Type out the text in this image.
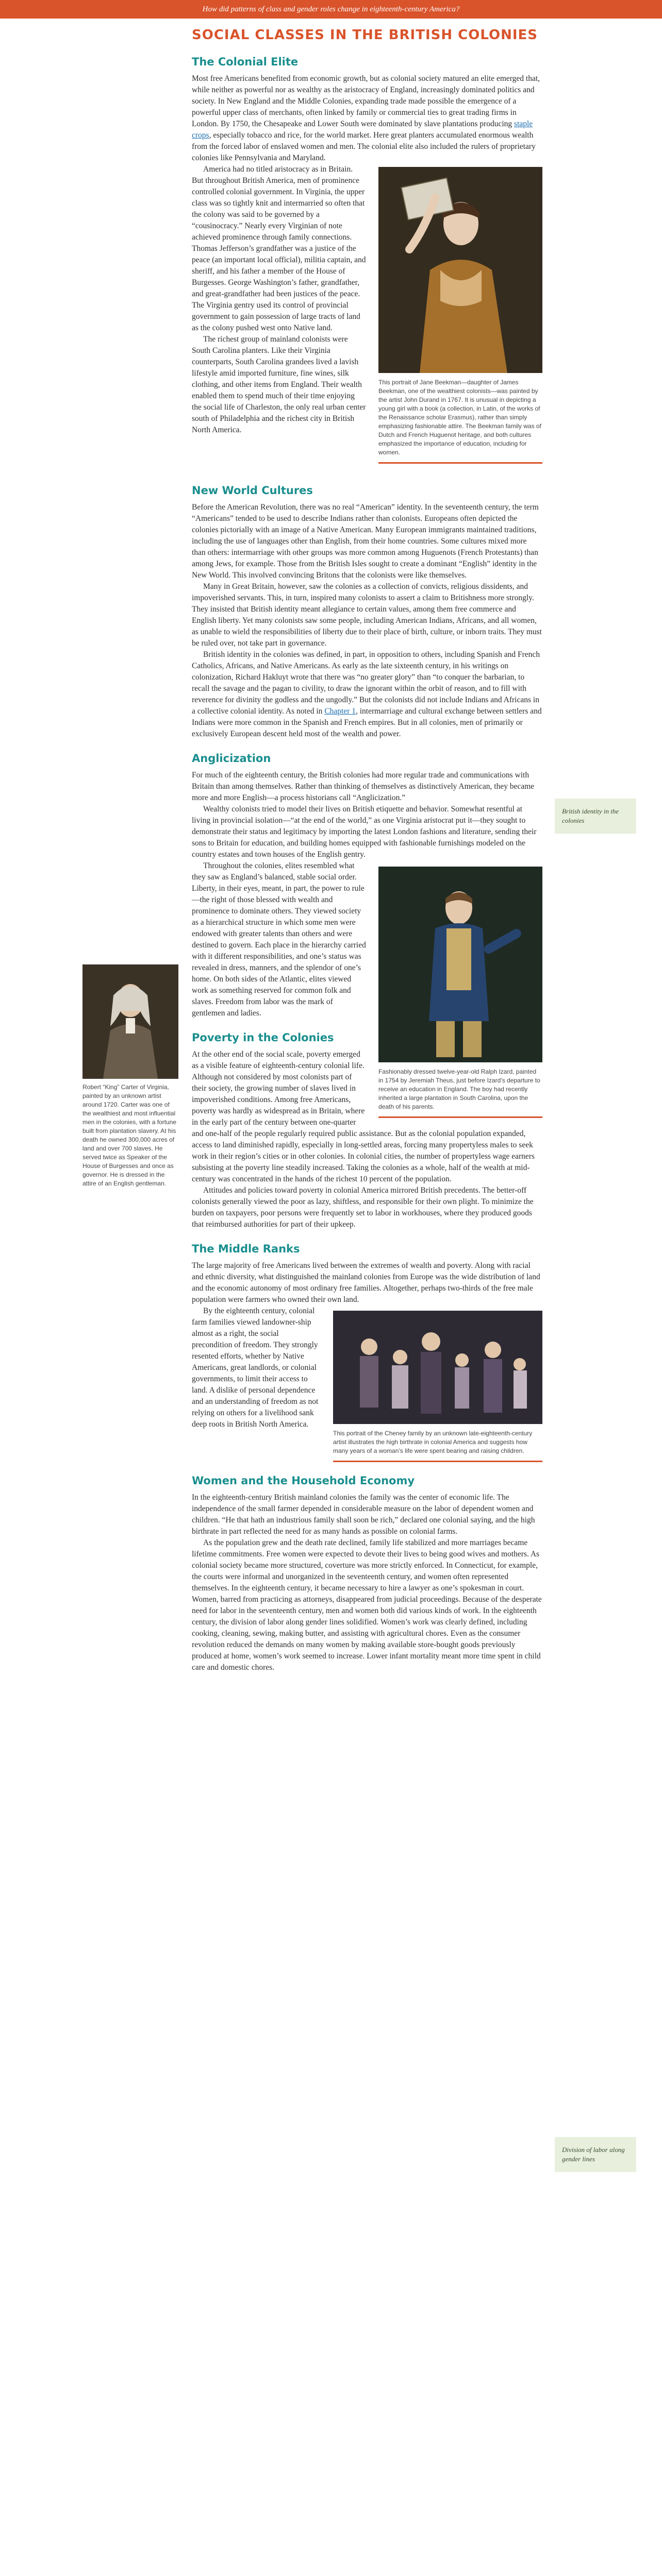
How did patterns of class and gender roles change in eighteenth-century America?
SOCIAL CLASSES IN THE BRITISH COLONIES
The Colonial Elite

Most free Americans benefited from economic growth, but as colonial society matured an elite emerged that, while neither as powerful nor as wealthy as the aristocracy of England, increasingly dominated politics and society. In New England and the Middle Colonies, expanding trade made possible the emergence of a powerful upper class of merchants, often linked by family or commercial ties to great trading firms in London. By 1750, the Chesapeake and Lower South were dominated by slave plantations producing staple crops, especially tobacco and rice, for the world market. Here great planters accumulated enormous wealth from the forced labor of enslaved women and men. The colonial elite also included the rulers of proprietary colonies like Pennsylvania and Maryland.

This portrait of Jane Beekman—daughter of James Beekman, one of the wealthiest colonists—was painted by the artist John Durand in 1767. It is unusual in depicting a young girl with a book (a collection, in Latin, of the works of the Renaissance scholar Erasmus), rather than simply emphasizing fashionable attire. The Beekman family was of Dutch and French Huguenot heritage, and both cultures emphasized the importance of education, including for women.

America had no titled aristocracy as in Britain. But throughout British America, men of prominence controlled colonial government. In Virginia, the upper class was so tightly knit and intermarried so often that the colony was said to be governed by a “cousinocracy.” Nearly every Virginian of note achieved prominence through family connections. Thomas Jefferson’s grandfather was a justice of the peace (an important local official), militia captain, and sheriff, and his father a member of the House of Burgesses. George Washington’s father, grandfather, and great-grandfather had been justices of the peace. The Virginia gentry used its control of provincial government to gain possession of large tracts of land as the colony pushed west onto Native land.

The richest group of mainland colonists were South Carolina planters. Like their Virginia counterparts, South Carolina grandees lived a lavish lifestyle amid imported furniture, fine wines, silk clothing, and other items from England. Their wealth enabled them to spend much of their time enjoying the social life of Charleston, the only real urban center south of Philadelphia and the richest city in British North America.

New World Cultures

Before the American Revolution, there was no real “American” identity. In the seventeenth century, the term “Americans” tended to be used to describe Indians rather than colonists. Europeans often depicted the colonies pictorially with an image of a Native American. Many European immigrants maintained traditions, including the use of languages other than English, from their home countries. Some cultures mixed more than others: intermarriage with other groups was more common among Huguenots (French Protestants) than among Jews, for example. Those from the British Isles sought to create a dominant “English” identity in the New World. This involved convincing Britons that the colonists were like themselves.

Many in Great Britain, however, saw the colonies as a collection of convicts, religious dissidents, and impoverished servants. This, in turn, inspired many colonists to assert a claim to Britishness more strongly. They insisted that British identity meant allegiance to certain values, among them free commerce and English liberty. Yet many colonists saw some people, including American Indians, Africans, and all women, as unable to wield the responsibilities of liberty due to their place of birth, culture, or inborn traits. They must be ruled over, not take part in governance.

British identity in the colonies was defined, in part, in opposition to others, including Spanish and French Catholics, Africans, and Native Americans. As early as the late sixteenth century, in his writings on colonization, Richard Hakluyt wrote that there was “no greater glory” than “to conquer the barbarian, to recall the savage and the pagan to civility, to draw the ignorant within the orbit of reason, and to fill with reverence for divinity the godless and the ungodly.” But the colonists did not include Indians and Africans in a collective colonial identity. As noted in Chapter 1, intermarriage and cultural exchange between settlers and Indians were more common in the Spanish and French empires. But in all colonies, men of primarily or exclusively European descent held most of the wealth and power.

Anglicization

For much of the eighteenth century, the British colonies had more regular trade and communications with Britain than among themselves. Rather than thinking of themselves as distinctively American, they became more and more English—a process historians call “Anglicization.”

Wealthy colonists tried to model their lives on British etiquette and behavior. Somewhat resentful at living in provincial isolation—“at the end of the world,” as one Virginia aristocrat put it—they sought to demonstrate their status and legitimacy by importing the latest London fashions and literature, sending their sons to Britain for education, and building homes equipped with fashionable furnishings modeled on the country estates and town houses of the English gentry.

Fashionably dressed twelve-year-old Ralph Izard, painted in 1754 by Jeremiah Theus, just before Izard’s departure to receive an education in England. The boy had recently inherited a large plantation in South Carolina, upon the death of his parents.

Throughout the colonies, elites resembled what they saw as England’s balanced, stable social order. Liberty, in their eyes, meant, in part, the power to rule—the right of those blessed with wealth and prominence to dominate others. They viewed society as a hierarchical structure in which some men were endowed with greater talents than others and were destined to govern. Each place in the hierarchy carried with it different responsibilities, and one’s status was revealed in dress, manners, and the splendor of one’s home. On both sides of the Atlantic, elites viewed work as something reserved for common folk and slaves. Freedom from labor was the mark of gentlemen and ladies.

Poverty in the Colonies

At the other end of the social scale, poverty emerged as a visible feature of eighteenth-century colonial life. Although not considered by most colonists part of their society, the growing number of slaves lived in impoverished conditions. Among free Americans, poverty was hardly as widespread as in Britain, where in the early part of the century between one-quarter and one-half of the people regularly required public assistance. But as the colonial population expanded, access to land diminished rapidly, especially in long-settled areas, forcing many propertyless males to seek work in their region’s cities or in other colonies. In colonial cities, the number of propertyless wage earners subsisting at the poverty line steadily increased. Taking the colonies as a whole, half of the wealth at mid-century was concentrated in the hands of the richest 10 percent of the population.

Attitudes and policies toward poverty in colonial America mirrored British precedents. The better-off colonists generally viewed the poor as lazy, shiftless, and responsible for their own plight. To minimize the burden on taxpayers, poor persons were frequently set to labor in workhouses, where they produced goods that reimbursed authorities for part of their upkeep.

The Middle Ranks

The large majority of free Americans lived between the extremes of wealth and poverty. Along with racial and ethnic diversity, what distinguished the mainland colonies from Europe was the wide distribution of land and the economic autonomy of most ordinary free families. Altogether, perhaps two-thirds of the free male population were farmers who owned their own land.

This portrait of the Cheney family by an unknown late-eighteenth-century artist illustrates the high birthrate in colonial America and suggests how many years of a woman’s life were spent bearing and raising children.

By the eighteenth century, colonial farm families viewed landowner-ship almost as a right, the social precondition of freedom. They strongly resented efforts, whether by Native Americans, great landlords, or colonial governments, to limit their access to land. A dislike of personal dependence and an understanding of freedom as not relying on others for a livelihood sank deep roots in British North America.

Women and the Household Economy

In the eighteenth-century British mainland colonies the family was the center of economic life. The independence of the small farmer depended in considerable measure on the labor of dependent women and children. “He that hath an industrious family shall soon be rich,” declared one colonial saying, and the high birthrate in part reflected the need for as many hands as possible on colonial farms.

As the population grew and the death rate declined, family life stabilized and more marriages became lifetime commitments. Free women were expected to devote their lives to being good wives and mothers. As colonial society became more structured, coverture was more strictly enforced. In Connecticut, for example, the courts were informal and unorganized in the seventeenth century, and women often represented themselves. In the eighteenth century, it became necessary to hire a lawyer as one’s spokesman in court. Women, barred from practicing as attorneys, disappeared from judicial proceedings. Because of the desperate need for labor in the seventeenth century, men and women both did various kinds of work. In the eighteenth century, the division of labor along gender lines solidified. Women’s work was clearly defined, including cooking, cleaning, sewing, making butter, and assisting with agricultural chores. Even as the consumer revolution reduced the demands on many women by making available store-bought goods previously produced at home, women’s work seemed to increase. Lower infant mortality meant more time spent in child care and domestic chores.

Robert “King” Carter of Virginia, painted by an unknown artist around 1720. Carter was one of the wealthiest and most influential men in the colonies, with a fortune built from plantation slavery. At his death he owned 300,000 acres of land and over 700 slaves. He served twice as Speaker of the House of Burgesses and once as governor. He is dressed in the attire of an English gentleman.
British identity in the colonies
Division of labor along gender lines
